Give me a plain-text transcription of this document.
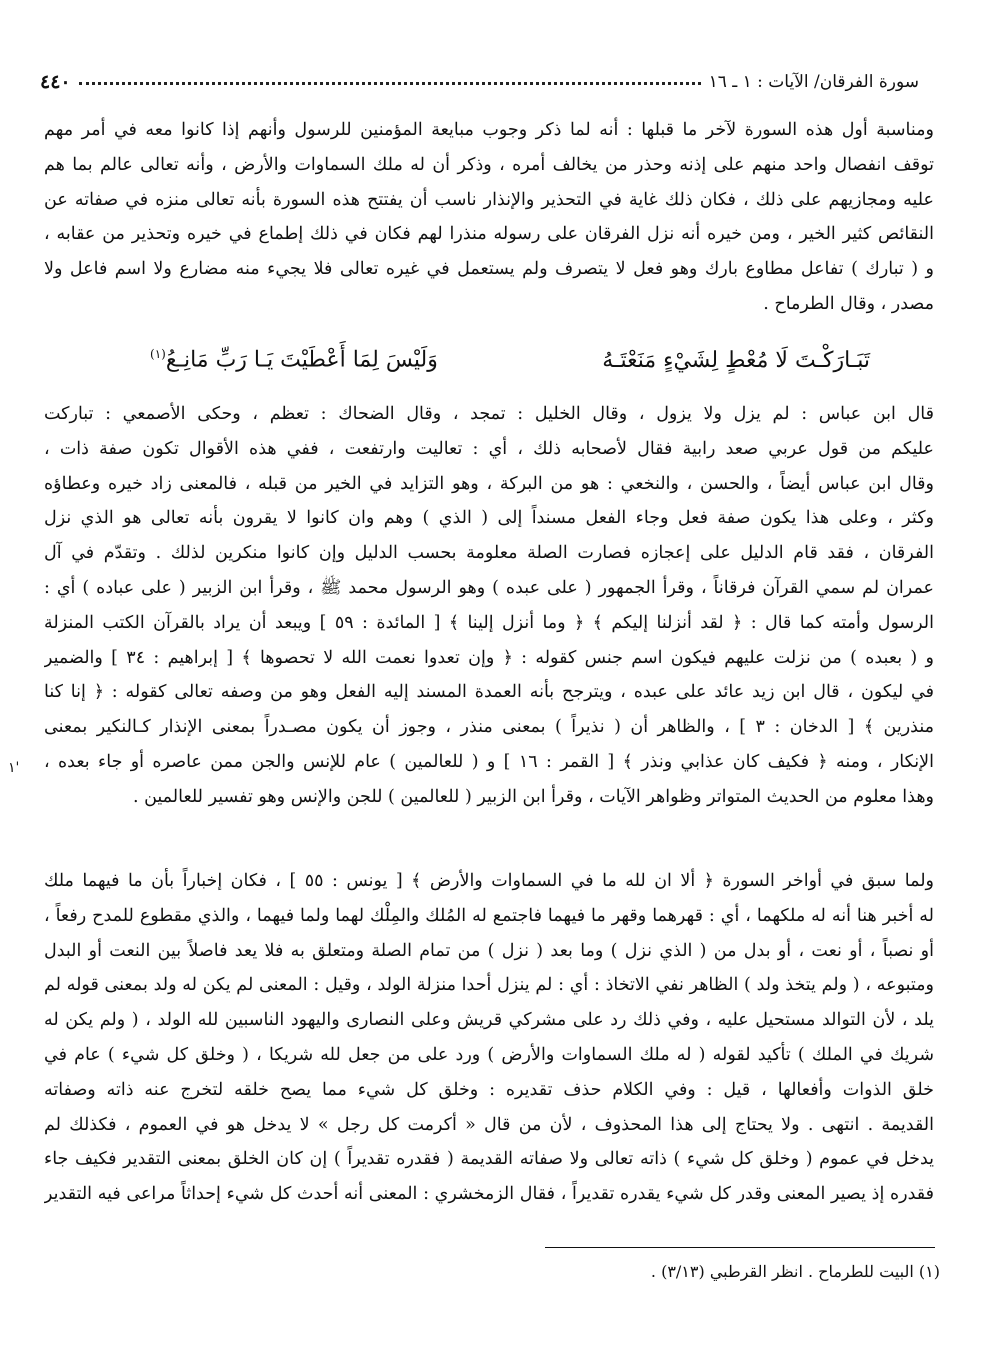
سورة الفرقان/ الآيات : ١ ـ ١٦
٤٤٠
ومناسبة أول هذه السورة لآخر ما قبلها : أنه لما ذكر وجوب مبايعة المؤمنين للرسول وأنهم إذا كانوا معه في أمر مهم
توقف انفصال واحد منهم على إذنه وحذر من يخالف أمره ، وذكر أن له ملك السماوات والأرض ، وأنه تعالى عالم بما هم
عليه ومجازيهم على ذلك ، فكان ذلك غاية في التحذير والإنذار ناسب أن يفتتح هذه السورة بأنه تعالى منزه في صفاته عن
النقائص كثير الخير ، ومن خيره أنه نزل الفرقان على رسوله منذرا لهم فكان في ذلك إطماع في خيره وتحذير من عقابه ،
و ( تبارك ) تفاعل مطاوع بارك وهو فعل لا يتصرف ولم يستعمل في غيره تعالى فلا يجيء منه مضارع ولا اسم فاعل ولا
مصدر ، وقال الطرماح .
تَبَـارَكْـتَ لَا مُعْطٍ لِشَيْءٍ مَنَعْتَـهُ
وَلَيْسَ لِمَا أَعْطَيْتَ يَـا رَبِّ مَانِـعُ$^{(١)}$
قال ابن عباس : لم يزل ولا يزول ، وقال الخليل : تمجد ، وقال الضحاك : تعظم ، وحكى الأصمعي : تباركت
عليكم من قول عربي صعد رابية فقال لأصحابه ذلك ، أي : تعاليت وارتفعت ، ففي هذه الأقوال تكون صفة ذات ،
وقال ابن عباس أيضاً ، والحسن ، والنخعي : هو من البركة ، وهو التزايد في الخير من قبله ، فالمعنى زاد خيره وعطاؤه
وكثر ، وعلى هذا يكون صفة فعل وجاء الفعل مسنداً إلى ( الذي ) وهم وان كانوا لا يقرون بأنه تعالى هو الذي نزل
الفرقان ، فقد قام الدليل على إعجازه فصارت الصلة معلومة بحسب الدليل وإن كانوا منكرين لذلك . وتقدّم في آل
عمران لم سمي القرآن فرقاناً ، وقرأ الجمهور ( على عبده ) وهو الرسول محمد ﷺ ، وقرأ ابن الزبير ( على عباده ) أي :
الرسول وأمته كما قال : ﴿ لقد أنزلنا إليكم ﴾ ﴿ وما أنزل إلينا ﴾ [ المائدة : ٥٩ ] ويبعد أن يراد بالقرآن الكتب المنزلة
و ( بعبده ) من نزلت عليهم فيكون اسم جنس كقوله : ﴿ وإن تعدوا نعمت الله لا تحصوها ﴾ [ إبراهيم : ٣٤ ] والضمير
في ليكون ، قال ابن زيد عائد على عبده ، ويترجح بأنه العمدة المسند إليه الفعل وهو من وصفه تعالى كقوله : ﴿ إنا كنا
منذرين ﴾ [ الدخان : ٣ ] ، والظاهر أن ( نذيراً ) بمعنى منذر ، وجوز أن يكون مصـدراً بمعنى الإنذار كـالنكير بمعنى
الإنكار ، ومنه ﴿ فكيف كان عذابي ونذر ﴾ [ القمر : ١٦ ] و ( للعالمين ) عام للإنس والجن ممن عاصره أو جاء بعده ،
وهذا معلوم من الحديث المتواتر وظواهر الآيات ، وقرأ ابن الزبير ( للعالمين ) للجن والإنس وهو تفسير للعالمين .
ولما سبق في أواخر السورة ﴿ ألا ان لله ما في السماوات والأرض ﴾ [ يونس : ٥٥ ] ، فكان إخباراً بأن ما فيهما ملك
له أخبر هنا أنه له ملكهما ، أي : قهرهما وقهر ما فيهما فاجتمع له المُلك والمِلْك لهما ولما فيهما ، والذي مقطوع للمدح رفعاً ،
أو نصباً ، أو نعت ، أو بدل من ( الذي نزل ) وما بعد ( نزل ) من تمام الصلة ومتعلق به فلا يعد فاصلاً بين النعت أو البدل
ومتبوعه ، ( ولم يتخذ ولد ) الظاهر نفي الاتخاذ : أي : لم ينزل أحدا منزلة الولد ، وقيل : المعنى لم يكن له ولد بمعنى قوله لم
يلد ، لأن التوالد مستحيل عليه ، وفي ذلك رد على مشركي قريش وعلى النصارى واليهود الناسبين لله الولد ، ( ولم يكن له
شريك في الملك ) تأكيد لقوله ( له ملك السماوات والأرض ) ورد على من جعل لله شريكا ، ( وخلق كل شيء ) عام في
خلق الذوات وأفعالها ، قيل : وفي الكلام حذف تقديره : وخلق كل شيء مما يصح خلقه لتخرج عنه ذاته وصفاته
القديمة . انتهى . ولا يحتاج إلى هذا المحذوف ، لأن من قال « أكرمت كل رجل » لا يدخل هو في العموم ، فكذلك لم
يدخل في عموم ( وخلق كل شيء ) ذاته تعالى ولا صفاته القديمة ( فقدره تقديراً ) إن كان الخلق بمعنى التقدير فكيف جاء
فقدره إذ يصير المعنى وقدر كل شيء يقدره تقديراً ، فقال الزمخشري : المعنى أنه أحدث كل شيء إحداثاً مراعى فيه التقدير
١'
(١) البيت للطرماح . انظر القرطبي (٣/١٣) .
